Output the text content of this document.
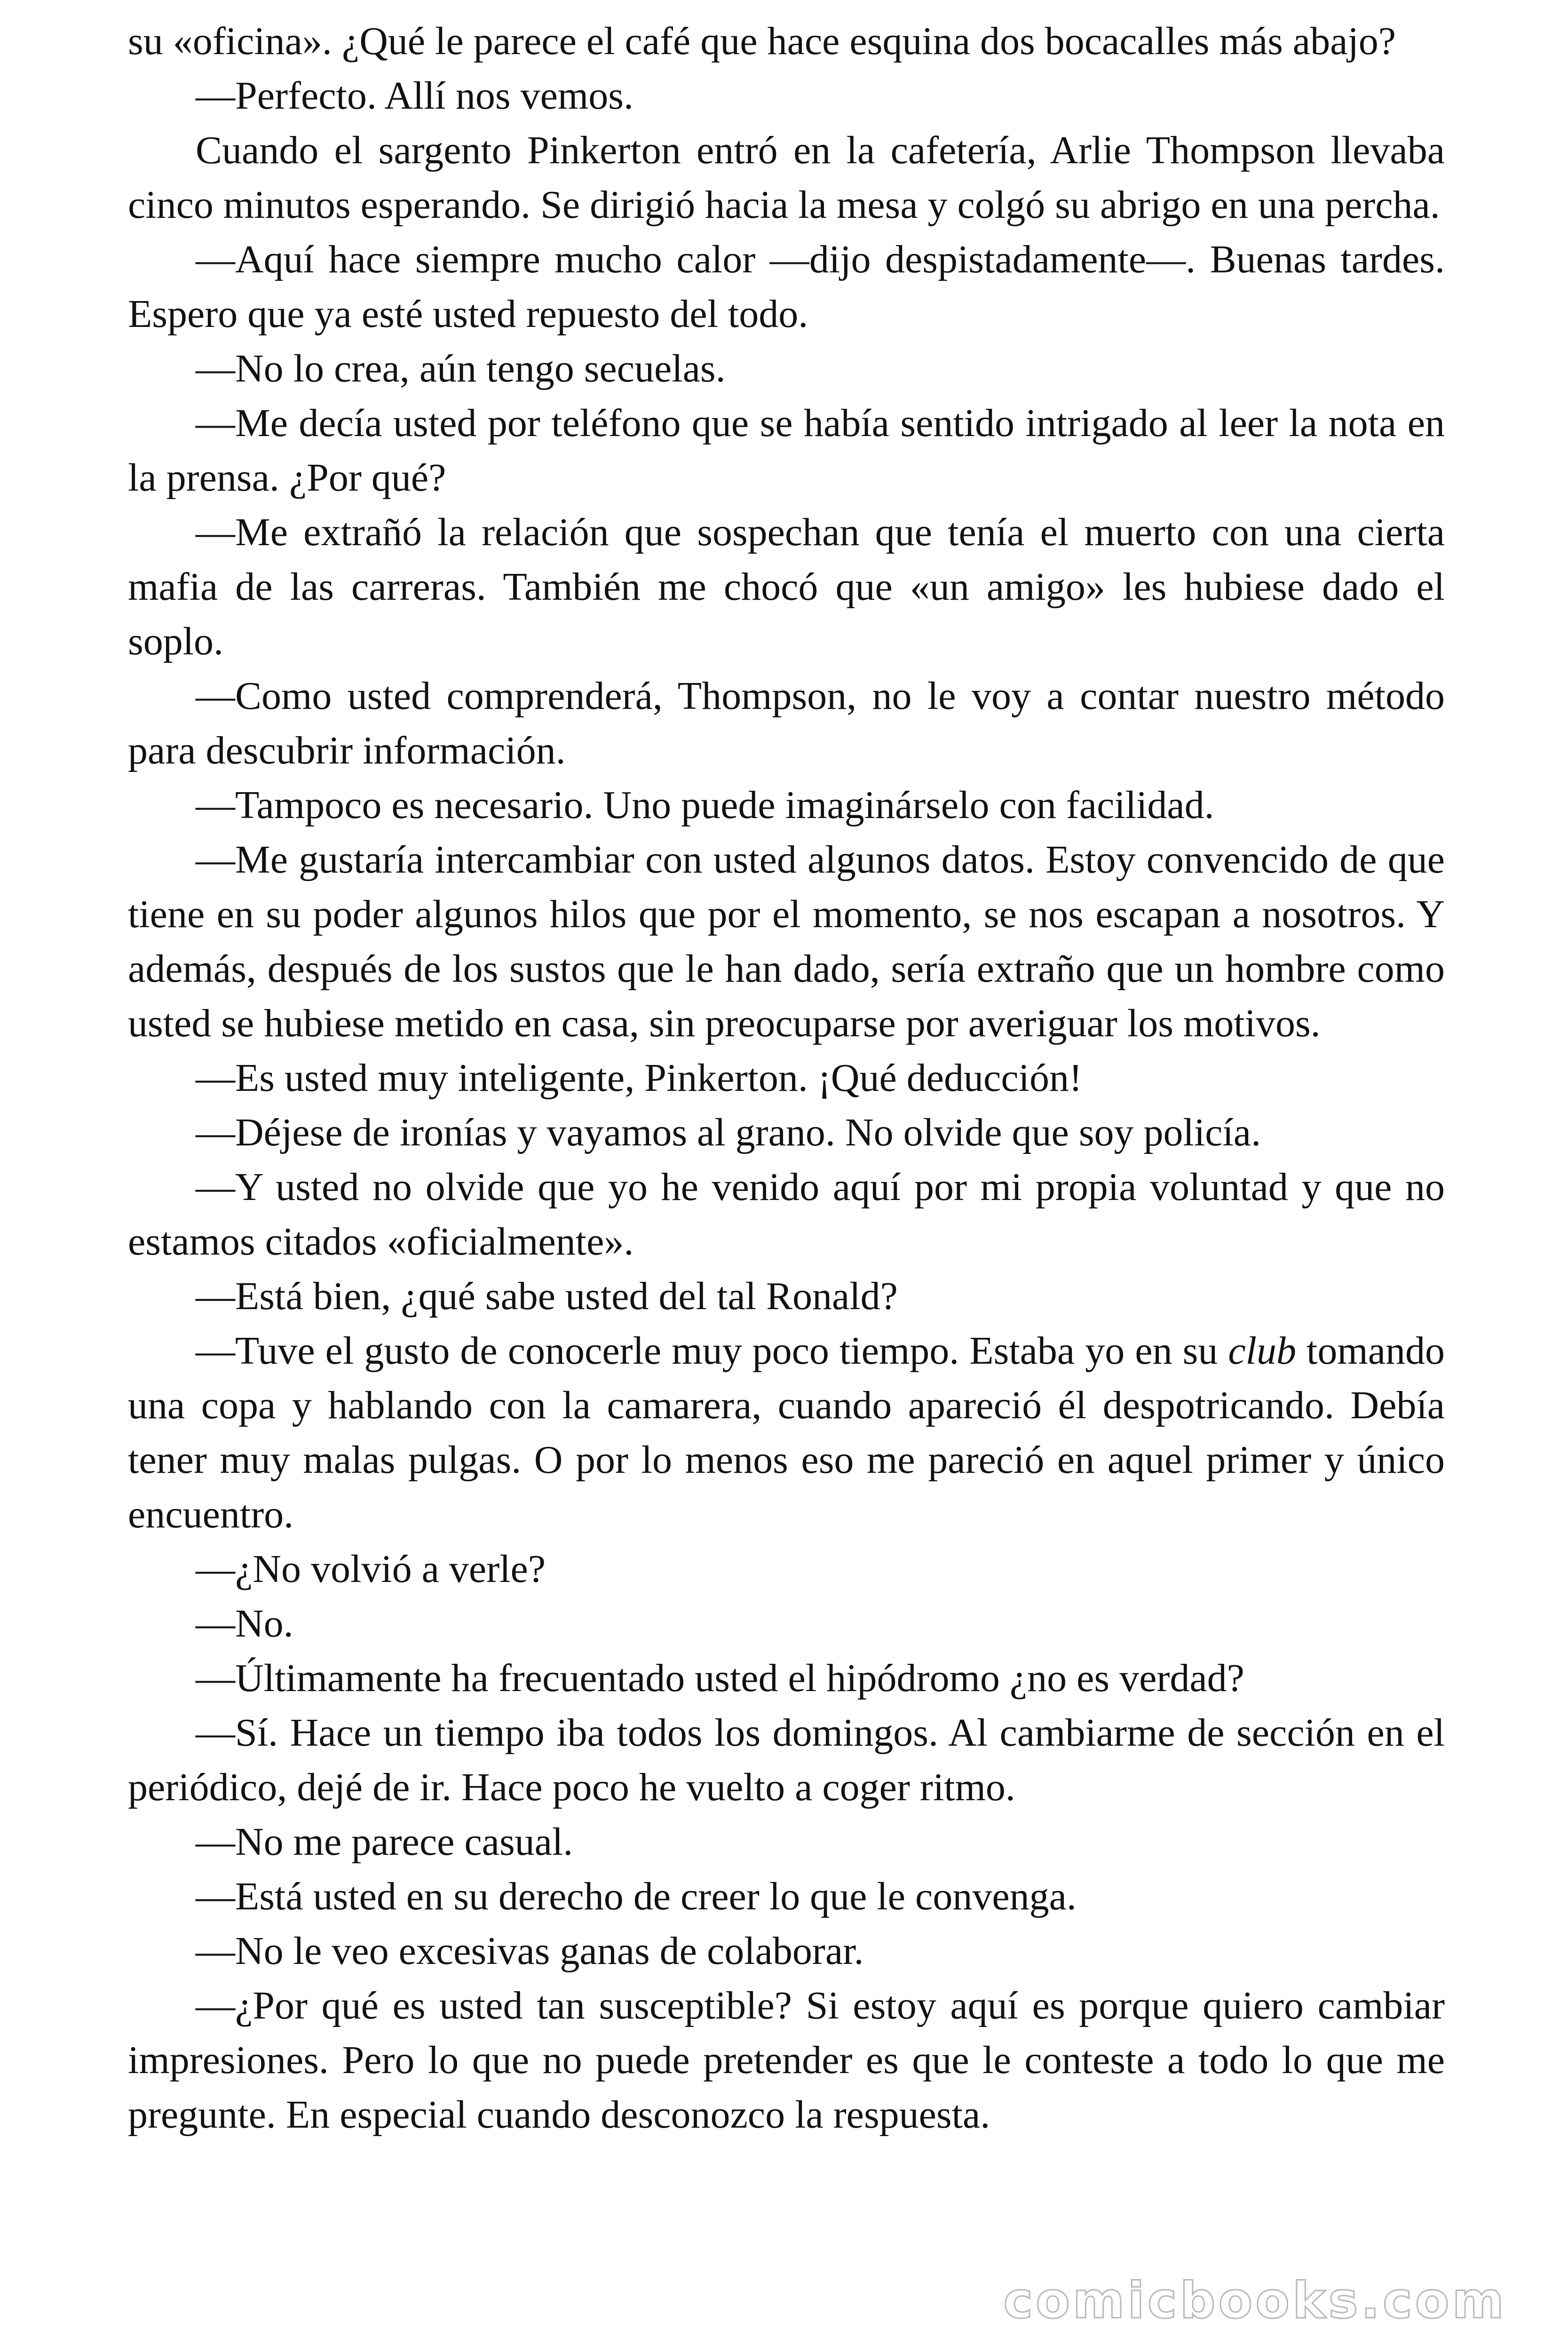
su «oficina». ¿Qué le parece el café que hace esquina dos bocacalles más abajo?

—Perfecto. Allí nos vemos.

Cuando el sargento Pinkerton entró en la cafetería, Arlie Thompson llevaba cinco minutos esperando. Se dirigió hacia la mesa y colgó su abrigo en una percha.

—Aquí hace siempre mucho calor —dijo despistadamente—. Buenas tardes. Espero que ya esté usted repuesto del todo.

—No lo crea, aún tengo secuelas.

—Me decía usted por teléfono que se había sentido intrigado al leer la nota en la prensa. ¿Por qué?

—Me extrañó la relación que sospechan que tenía el muerto con una cierta mafia de las carreras. También me chocó que «un amigo» les hubiese dado el soplo.

—Como usted comprenderá, Thompson, no le voy a contar nuestro método para descubrir información.

—Tampoco es necesario. Uno puede imaginárselo con facilidad.

—Me gustaría intercambiar con usted algunos datos. Estoy convencido de que tiene en su poder algunos hilos que por el momento, se nos escapan a nosotros. Y además, después de los sustos que le han dado, sería extraño que un hombre como usted se hubiese metido en casa, sin preocuparse por averiguar los motivos.

—Es usted muy inteligente, Pinkerton. ¡Qué deducción!

—Déjese de ironías y vayamos al grano. No olvide que soy policía.

—Y usted no olvide que yo he venido aquí por mi propia voluntad y que no estamos citados «oficialmente».

—Está bien, ¿qué sabe usted del tal Ronald?

—Tuve el gusto de conocerle muy poco tiempo. Estaba yo en su club tomando una copa y hablando con la camarera, cuando apareció él despotricando. Debía tener muy malas pulgas. O por lo menos eso me pareció en aquel primer y único encuentro.

—¿No volvió a verle?

—No.

—Últimamente ha frecuentado usted el hipódromo ¿no es verdad?

—Sí. Hace un tiempo iba todos los domingos. Al cambiarme de sección en el periódico, dejé de ir. Hace poco he vuelto a coger ritmo.

—No me parece casual.

—Está usted en su derecho de creer lo que le convenga.

—No le veo excesivas ganas de colaborar.

—¿Por qué es usted tan susceptible? Si estoy aquí es porque quiero cambiar impresiones. Pero lo que no puede pretender es que le conteste a todo lo que me pregunte. En especial cuando desconozco la respuesta.

comicbooks.com
